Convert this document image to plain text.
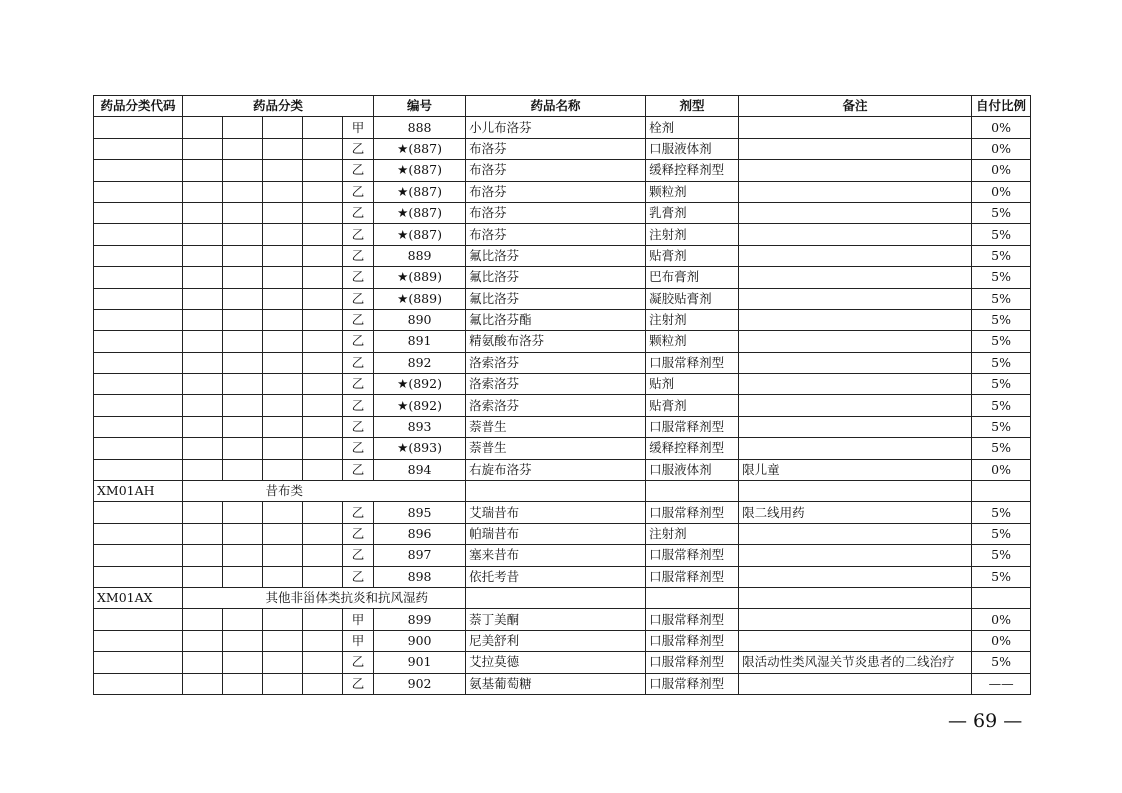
药品分类代码	药品分类					编号	药品名称	剂型	备注	自付比例	
					甲	888	小儿布洛芬	栓剂		0%	
					乙	★(887)	布洛芬	口服液体剂		0%	
					乙	★(887)	布洛芬	缓释控释剂型		0%	
					乙	★(887)	布洛芬	颗粒剂		0%	
					乙	★(887)	布洛芬	乳膏剂		5%	
					乙	★(887)	布洛芬	注射剂		5%	
					乙	889	氟比洛芬	贴膏剂		5%	
					乙	★(889)	氟比洛芬	巴布膏剂		5%	
					乙	★(889)	氟比洛芬	凝胶贴膏剂		5%	
					乙	890	氟比洛芬酯	注射剂		5%	
					乙	891	精氨酸布洛芬	颗粒剂		5%	
					乙	892	洛索洛芬	口服常释剂型		5%	
					乙	★(892)	洛索洛芬	贴剂		5%	
					乙	★(892)	洛索洛芬	贴膏剂		5%	
					乙	893	萘普生	口服常释剂型		5%	
					乙	★(893)	萘普生	缓释控释剂型		5%	
					乙	894	右旋布洛芬	口服液体剂	限儿童	0%	
XM01AH			昔布类								
					乙	895	艾瑞昔布	口服常释剂型	限二线用药	5%	
					乙	896	帕瑞昔布	注射剂		5%	
					乙	897	塞来昔布	口服常释剂型		5%	
					乙	898	依托考昔	口服常释剂型		5%	
XM01AX			其他非甾体类抗炎和抗风湿药								
					甲	899	萘丁美酮	口服常释剂型		0%	
					甲	900	尼美舒利	口服常释剂型		0%	
					乙	901	艾拉莫德	口服常释剂型	限活动性类风湿关节炎患者的二线治疗	5%	
					乙	902	氨基葡萄糖	口服常释剂型		——	
— 69 —
